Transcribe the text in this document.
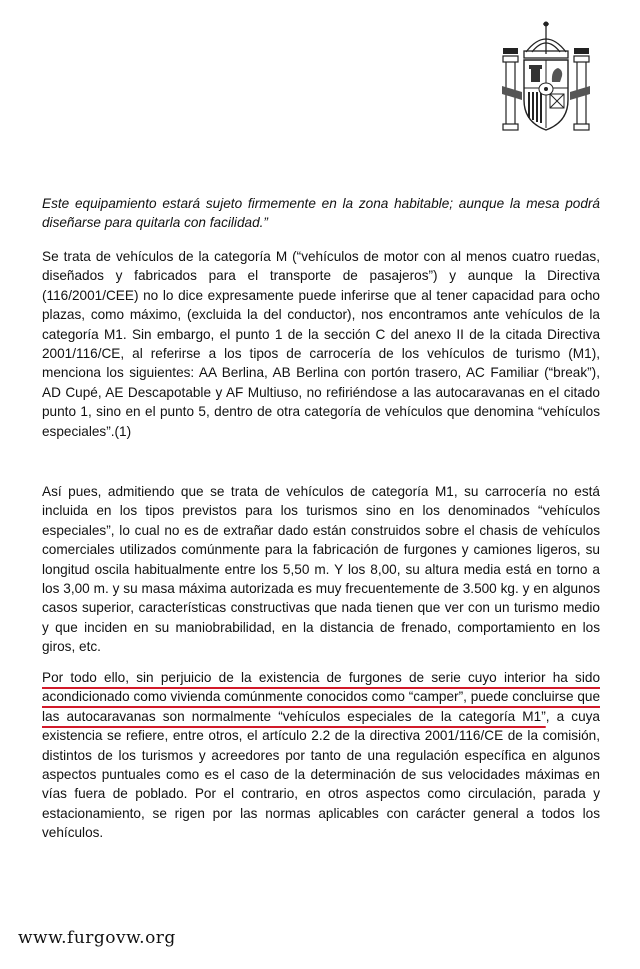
Este equipamiento estará sujeto firmemente en la zona habitable; aunque la mesa podrá diseñarse para quitarla con facilidad.”

Se trata de vehículos de la categoría M (“vehículos de motor con al menos cuatro ruedas, diseñados y fabricados para el transporte de pasajeros”) y aunque la Directiva (116/2001/CEE) no lo dice expresamente puede inferirse que al tener capacidad para ocho plazas, como máximo, (excluida la del conductor), nos encontramos ante vehículos de la categoría M1. Sin embargo, el punto 1 de la sección C del anexo II de la citada Directiva 2001/116/CE, al referirse a los tipos de carrocería de los vehículos de turismo (M1), menciona los siguientes: AA Berlina, AB Berlina con portón trasero, AC Familiar (“break”), AD Cupé, AE Descapotable y AF Multiuso, no refiriéndose a las autocaravanas en el citado punto 1, sino en el punto 5, dentro de otra categoría de vehículos que denomina “vehículos especiales”.(1)

Así pues, admitiendo que se trata de vehículos de categoría M1, su carrocería no está incluida en los tipos previstos para los turismos sino en los denominados “vehículos especiales”, lo cual no es de extrañar dado están construidos sobre el chasis de vehículos comerciales utilizados comúnmente para la fabricación de furgones y camiones ligeros, su longitud oscila habitualmente entre los 5,50 m. Y los 8,00, su altura media está en torno a los 3,00 m. y su masa máxima autorizada es muy frecuentemente de 3.500 kg. y en algunos casos superior, características constructivas que nada tienen que ver con un turismo medio y que inciden en su maniobrabilidad, en la distancia de frenado, comportamiento en los giros, etc.

Por todo ello, sin perjuicio de la existencia de furgones de serie cuyo interior ha sido acondicionado como vivienda comúnmente conocidos como “camper”, puede concluirse que las autocaravanas son normalmente “vehículos especiales de la categoría M1”, a cuya existencia se refiere, entre otros, el artículo 2.2 de la directiva 2001/116/CE de la comisión, distintos de los turismos y acreedores por tanto de una regulación específica en algunos aspectos puntuales como es el caso de la determinación de sus velocidades máximas en vías fuera de poblado. Por el contrario, en otros aspectos como circulación, parada y estacionamiento, se rigen por las normas aplicables con carácter general a todos los vehículos.

www.furgovw.org
